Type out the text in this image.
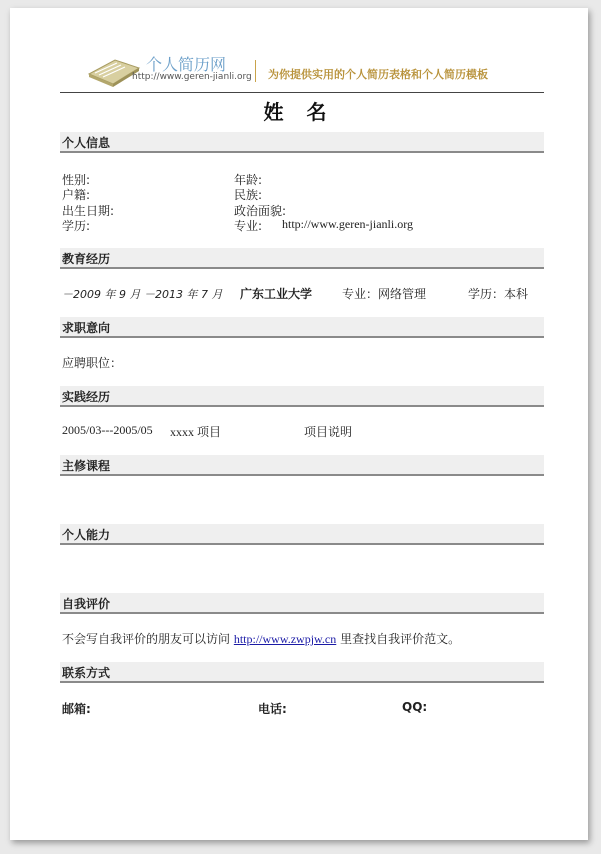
个人简历网
http://www.geren-jianli.org 为你提供实用的个人简历表格和个人简历模板
姓 名
个人信息
性别:	年龄:
户籍:	民族:
出生日期:	政治面貌:
学历:	专业: http://www.geren-jianli.org
教育经历
－2009 年 9 月 －2013 年 7 月 广东工业大学 专业：网络管理	学历：本科
求职意向
应聘职位：
实践经历
2005/03---2005/05 xxxx 项目	项目说明
主修课程
个人能力
自我评价
不会写自我评价的朋友可以访问 http://www.zwpjw.cn 里查找自我评价范文。
联系方式
邮箱:	电话:	QQ:
